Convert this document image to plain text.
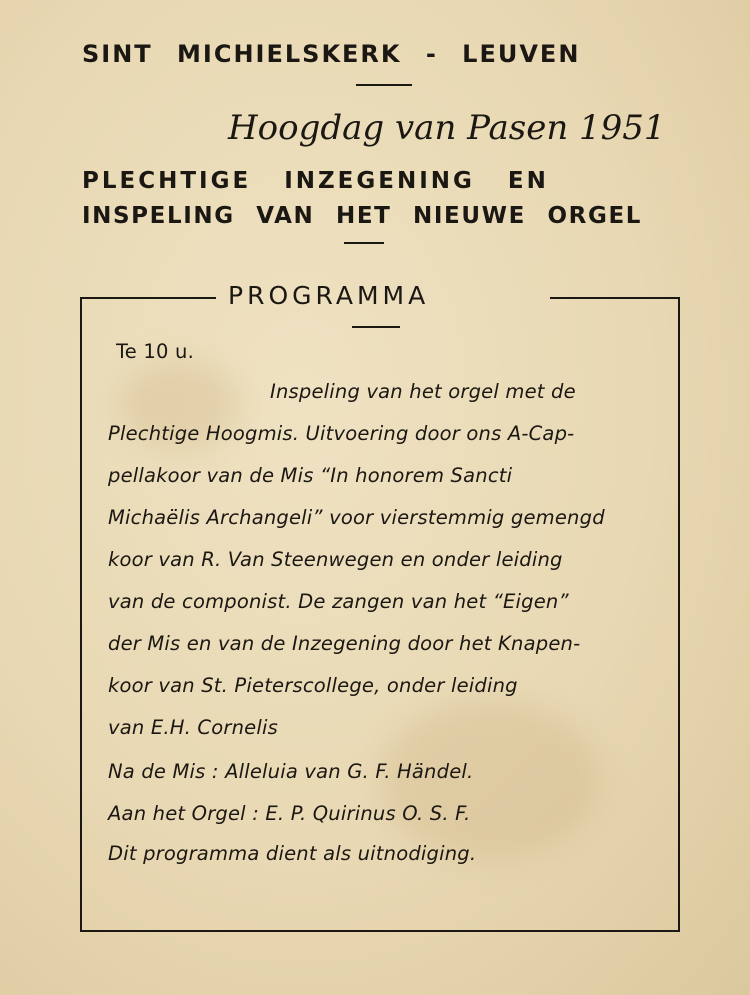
SINT MICHIELSKERK - LEUVEN
Hoogdag van Pasen 1951
PLECHTIGE INZEGENING EN
INSPELING VAN HET NIEUWE ORGEL
PROGRAMMA
Te 10 u.
Inspeling van het orgel met de
Plechtige Hoogmis. Uitvoering door ons A-Cap-
pellakoor van de Mis “In honorem Sancti
Michaëlis Archangeli” voor vierstemmig gemengd
koor van R. Van Steenwegen en onder leiding
van de componist. De zangen van het “Eigen”
der Mis en van de Inzegening door het Knapen-
koor van St. Pieterscollege, onder leiding
van E.H. Cornelis
Na de Mis : Alleluia van G. F. Händel.
Aan het Orgel : E. P. Quirinus O. S. F.
Dit programma dient als uitnodiging.
